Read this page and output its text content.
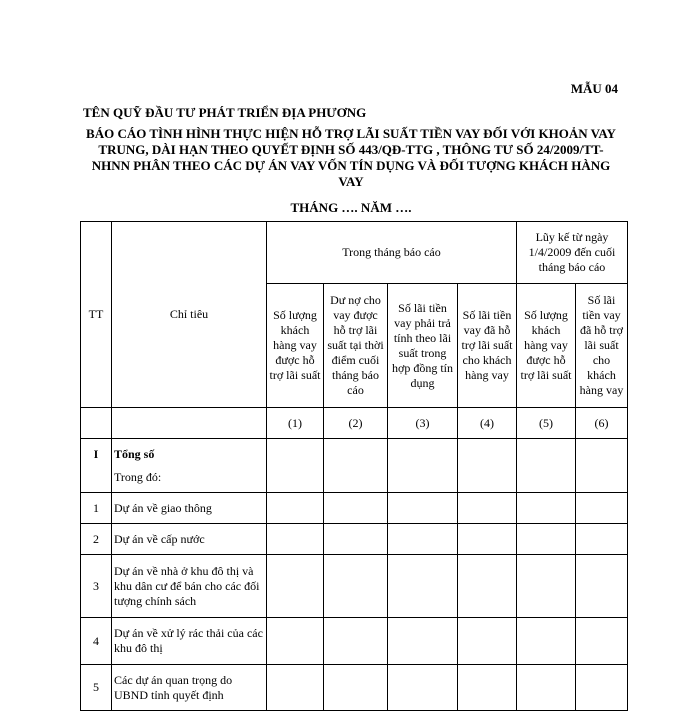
MẪU 04
TÊN QUỸ ĐẦU TƯ PHÁT TRIỂN ĐỊA PHƯƠNG
BÁO CÁO TÌNH HÌNH THỰC HIỆN HỖ TRỢ LÃI SUẤT TIỀN VAY ĐỐI VỚI KHOẢN VAY TRUNG, DÀI HẠN THEO QUYẾT ĐỊNH SỐ 443/QĐ-TTG , THÔNG TƯ SỐ 24/2009/TT-NHNN PHÂN THEO CÁC DỰ ÁN VAY VỐN TÍN DỤNG VÀ ĐỐI TƯỢNG KHÁCH HÀNG VAY
THÁNG …. NĂM ….
TT	Chỉ tiêu	Trong tháng báo cáo				Lũy kế từ ngày 1/4/2009 đến cuối tháng báo cáo	
		Số lượng khách hàng vay được hỗ trợ lãi suất	Dư nợ cho vay được hỗ trợ lãi suất tại thời điểm cuối tháng báo cáo	Số lãi tiền vay phải trả tính theo lãi suất trong hợp đồng tín dụng	Số lãi tiền vay đã hỗ trợ lãi suất cho khách hàng vay	Số lượng khách hàng vay được hỗ trợ lãi suất	Số lãi tiền vay đã hỗ trợ lãi suất cho khách hàng vay
		(1)	(2)	(3)	(4)	(5)	(6)
I	Tổng số
Trong đó:						

1	Dự án về giao thông						
2	Dự án về cấp nước						
3	Dự án về nhà ở khu đô thị và khu dân cư để bán cho các đối tượng chính sách						
4	Dự án về xử lý rác thải của các khu đô thị						
5	Các dự án quan trọng do UBND tỉnh quyết định						
